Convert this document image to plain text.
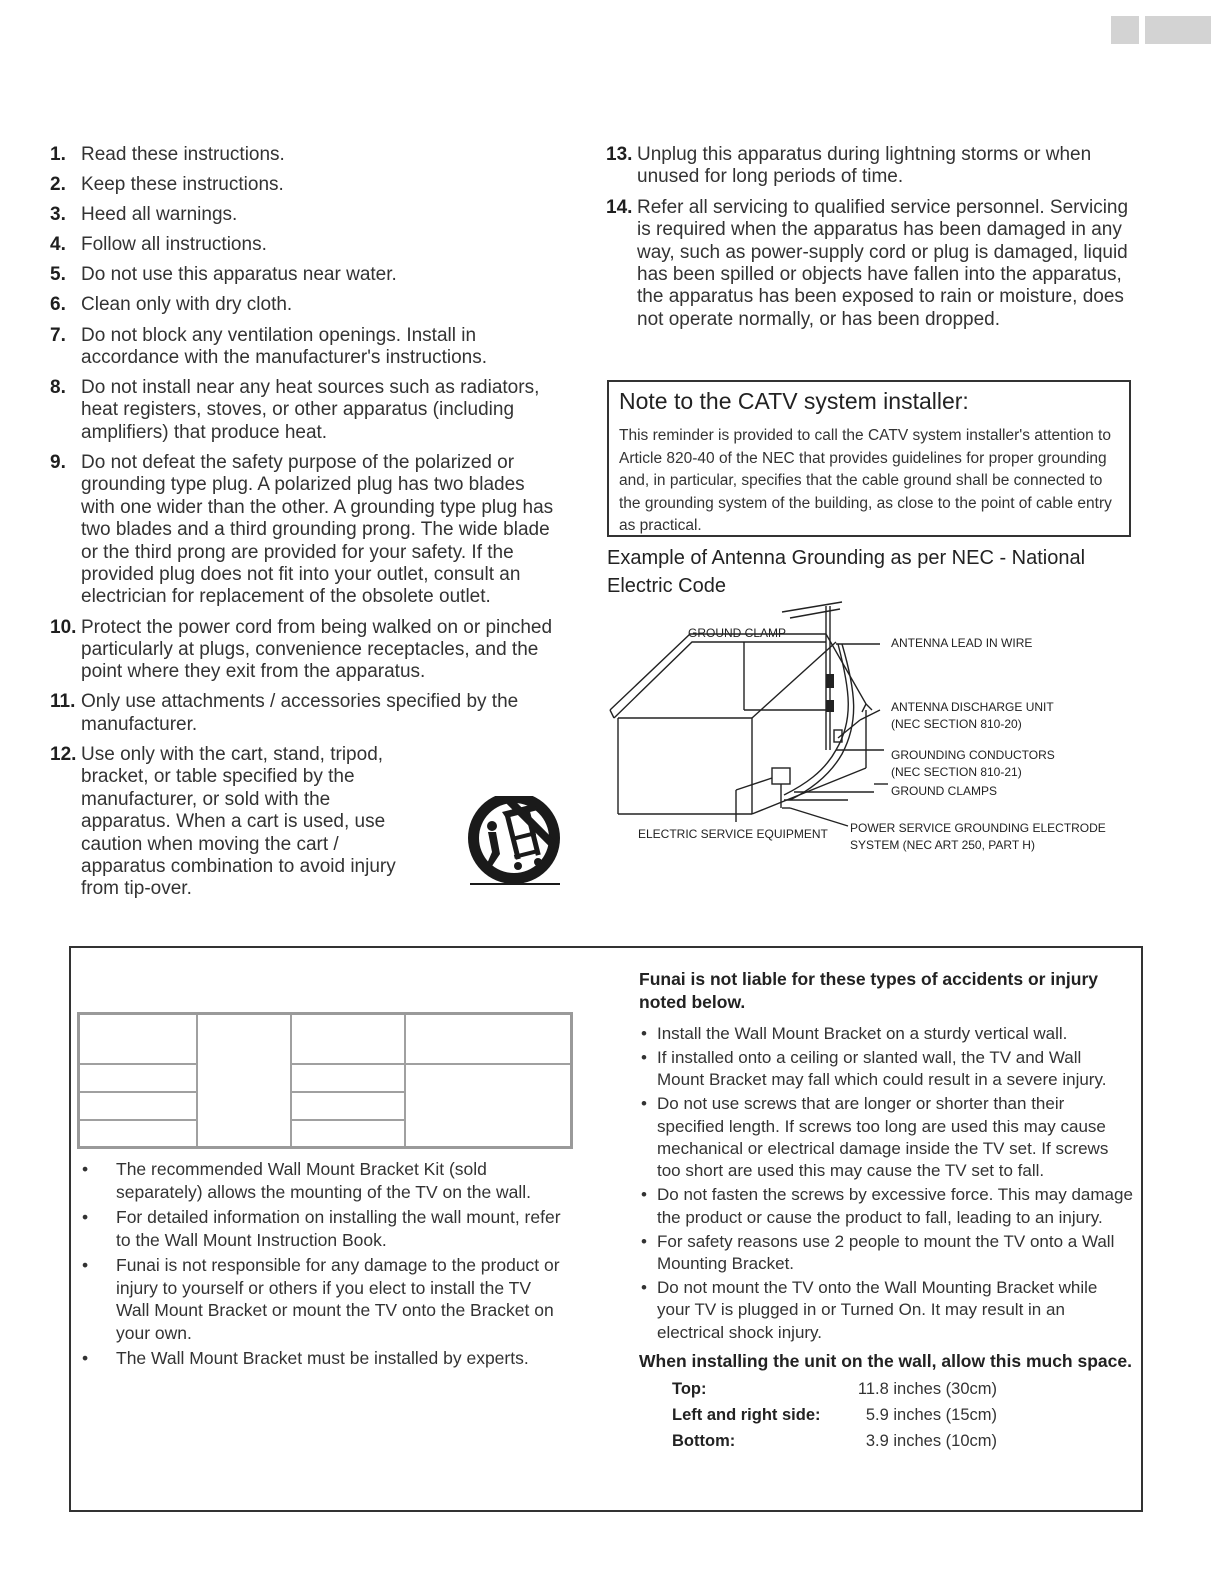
1. Read these instructions.
2. Keep these instructions.
3. Heed all warnings.
4. Follow all instructions.
5. Do not use this apparatus near water.
6. Clean only with dry cloth.
7. Do not block any ventilation openings. Install in accordance with the manufacturer's instructions.
8. Do not install near any heat sources such as radiators, heat registers, stoves, or other apparatus (including amplifiers) that produce heat.
9. Do not defeat the safety purpose of the polarized or grounding type plug. A polarized plug has two blades with one wider than the other. A grounding type plug has two blades and a third grounding prong. The wide blade or the third prong are provided for your safety. If the provided plug does not fit into your outlet, consult an electrician for replacement of the obsolete outlet.
10. Protect the power cord from being walked on or pinched particularly at plugs, convenience receptacles, and the point where they exit from the apparatus.
11. Only use attachments / accessories specified by the manufacturer.
12. Use only with the cart, stand, tripod, bracket, or table specified by the manufacturer, or sold with the apparatus. When a cart is used, use caution when moving the cart / apparatus combination to avoid injury from tip-over.
13. Unplug this apparatus during lightning storms or when unused for long periods of time.
14. Refer all servicing to qualified service personnel. Servicing is required when the apparatus has been damaged in any way, such as power-supply cord or plug is damaged, liquid has been spilled or objects have fallen into the apparatus, the apparatus has been exposed to rain or moisture, does not operate normally, or has been dropped.

Note to the CATV system installer:

This reminder is provided to call the CATV system installer's attention to Article 820-40 of the NEC that provides guidelines for proper grounding and, in particular, specifies that the cable ground shall be connected to the grounding system of the building, as close to the point of cable entry as practical.

Example of Antenna Grounding as per NEC - National Electric Code

GROUND CLAMP
ANTENNA LEAD IN WIRE
ANTENNA DISCHARGE UNIT
(NEC SECTION 810-20)
GROUNDING CONDUCTORS
(NEC SECTION 810-21)
GROUND CLAMPS
ELECTRIC SERVICE EQUIPMENT POWER SERVICE GROUNDING ELECTRODE
SYSTEM (NEC ART 250, PART H)

• The recommended Wall Mount Bracket Kit (sold separately) allows the mounting of the TV on the wall.
• For detailed information on installing the wall mount, refer to the Wall Mount Instruction Book.
• Funai is not responsible for any damage to the product or injury to yourself or others if you elect to install the TV Wall Mount Bracket or mount the TV onto the Bracket on your own.
• The Wall Mount Bracket must be installed by experts.

Funai is not liable for these types of accidents or injury noted below.

• Install the Wall Mount Bracket on a sturdy vertical wall.
• If installed onto a ceiling or slanted wall, the TV and Wall Mount Bracket may fall which could result in a severe injury.
• Do not use screws that are longer or shorter than their specified length. If screws too long are used this may cause mechanical or electrical damage inside the TV set. If screws too short are used this may cause the TV set to fall.
• Do not fasten the screws by excessive force. This may damage the product or cause the product to fall, leading to an injury.
• For safety reasons use 2 people to mount the TV onto a Wall Mounting Bracket.
• Do not mount the TV onto the Wall Mounting Bracket while your TV is plugged in or Turned On. It may result in an electrical shock injury.

When installing the unit on the wall, allow this much space.

Top:	11.8 inches (30cm)
Left and right side:	5.9 inches (15cm)
Bottom:	3.9 inches (10cm)
